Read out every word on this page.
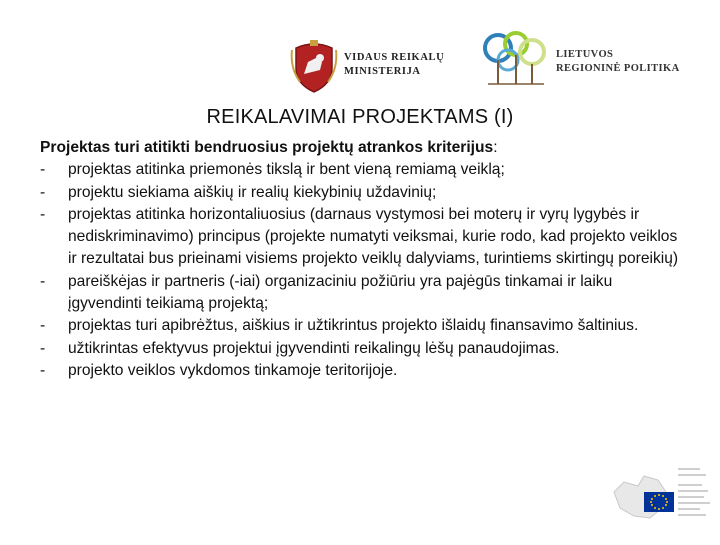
VIDAUS REIKALŲ
MINISTERIJA
LIETUVOS
REGIONINĖ POLITIKA
REIKALAVIMAI PROJEKTAMS (I)

Projektas turi atitikti bendruosius projektų atrankos kriterijus:

-	projektas atitinka priemonės tikslą ir bent vieną remiamą veiklą;
-	projektu siekiama aiškių ir realių kiekybinių uždavinių;
-	projektas atitinka horizontaliuosius (darnaus vystymosi bei moterų ir vyrų lygybės ir nediskriminavimo) principus (projekte numatyti veiksmai, kurie rodo, kad projekto veiklos ir rezultatai bus prieinami visiems projekto veiklų dalyviams, turintiems skirtingų poreikių)
-	pareiškėjas ir partneris (-iai) organizaciniu požiūriu yra pajėgūs tinkamai ir laiku įgyvendinti teikiamą projektą;
-	projektas turi apibrėžtus, aiškius ir užtikrintus projekto išlaidų finansavimo šaltinius.
-	užtikrintas efektyvus projektui įgyvendinti reikalingų lėšų panaudojimas.
-	projekto veiklos vykdomos tinkamoje teritorijoje.
